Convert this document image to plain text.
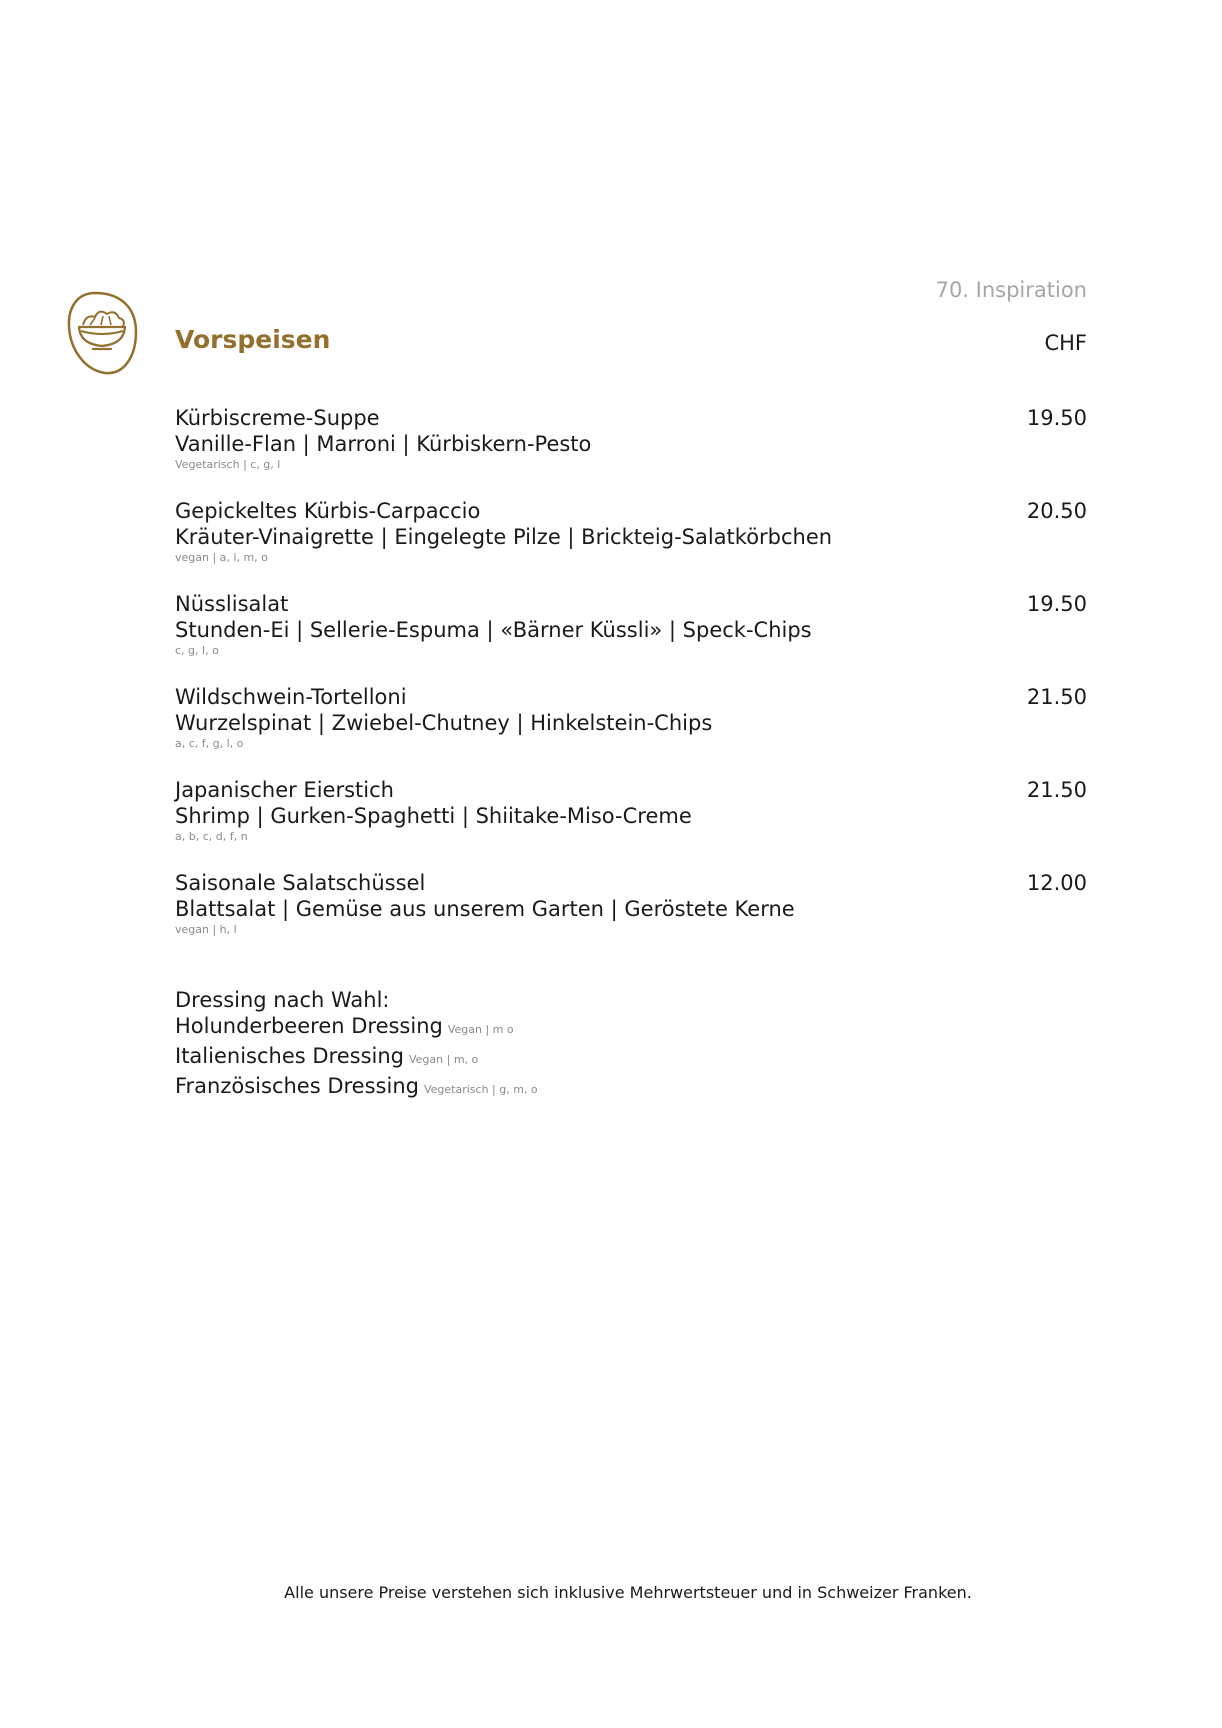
70. Inspiration
Vorspeisen	CHF
Kürbiscreme-Suppe
Vanille-Flan | Marroni | Kürbiskern-Pesto
Vegetarisch | c, g, l
19.50
Gepickeltes Kürbis-Carpaccio
Kräuter-Vinaigrette | Eingelegte Pilze | Brickteig-Salatkörbchen
vegan | a, l, m, o
20.50
Nüsslisalat
Stunden-Ei | Sellerie-Espuma | «Bärner Küssli» | Speck-Chips
c, g, l, o
19.50
Wildschwein-Tortelloni
Wurzelspinat | Zwiebel-Chutney | Hinkelstein-Chips
a, c, f, g, l, o
21.50
Japanischer Eierstich
Shrimp | Gurken-Spaghetti | Shiitake-Miso-Creme
a, b, c, d, f, n
21.50
Saisonale Salatschüssel
Blattsalat | Gemüse aus unserem Garten | Geröstete Kerne
vegan | h, l
12.00
Dressing nach Wahl:
Holunderbeeren Dressing Vegan | m o
Italienisches Dressing Vegan | m, o
Französisches Dressing Vegetarisch | g, m, o
Alle unsere Preise verstehen sich inklusive Mehrwertsteuer und in Schweizer Franken.
